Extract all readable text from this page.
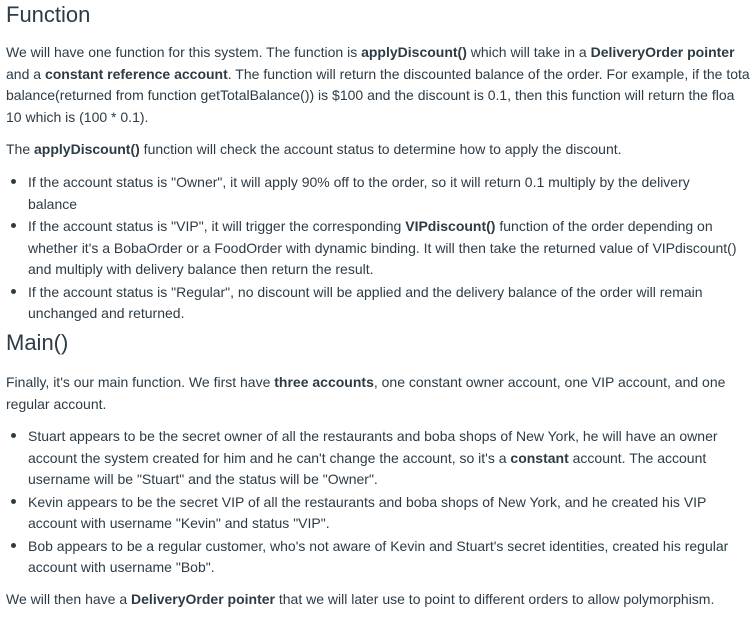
Function
We will have one function for this system. The function is applyDiscount() which will take in a DeliveryOrder pointer
and a constant reference account. The function will return the discounted balance of the order. For example, if the tota
balance(returned from function getTotalBalance()) is $100 and the discount is 0.1, then this function will return the floa
10 which is (100 * 0.1).
The applyDiscount() function will check the account status to determine how to apply the discount.
If the account status is "Owner", it will apply 90% off to the order, so it will return 0.1 multiply by the delivery
balance
If the account status is "VIP", it will trigger the corresponding VIPdiscount() function of the order depending on
whether it's a BobaOrder or a FoodOrder with dynamic binding. It will then take the returned value of VIPdiscount()
and multiply with delivery balance then return the result.
If the account status is "Regular", no discount will be applied and the delivery balance of the order will remain
unchanged and returned.
Main()
Finally, it's our main function. We first have three accounts, one constant owner account, one VIP account, and one
regular account.
Stuart appears to be the secret owner of all the restaurants and boba shops of New York, he will have an owner
account the system created for him and he can't change the account, so it's a constant account. The account
username will be "Stuart" and the status will be "Owner".
Kevin appears to be the secret VIP of all the restaurants and boba shops of New York, and he created his VIP
account with username "Kevin" and status "VIP".
Bob appears to be a regular customer, who's not aware of Kevin and Stuart's secret identities, created his regular
account with username "Bob".
We will then have a DeliveryOrder pointer that we will later use to point to different orders to allow polymorphism.
